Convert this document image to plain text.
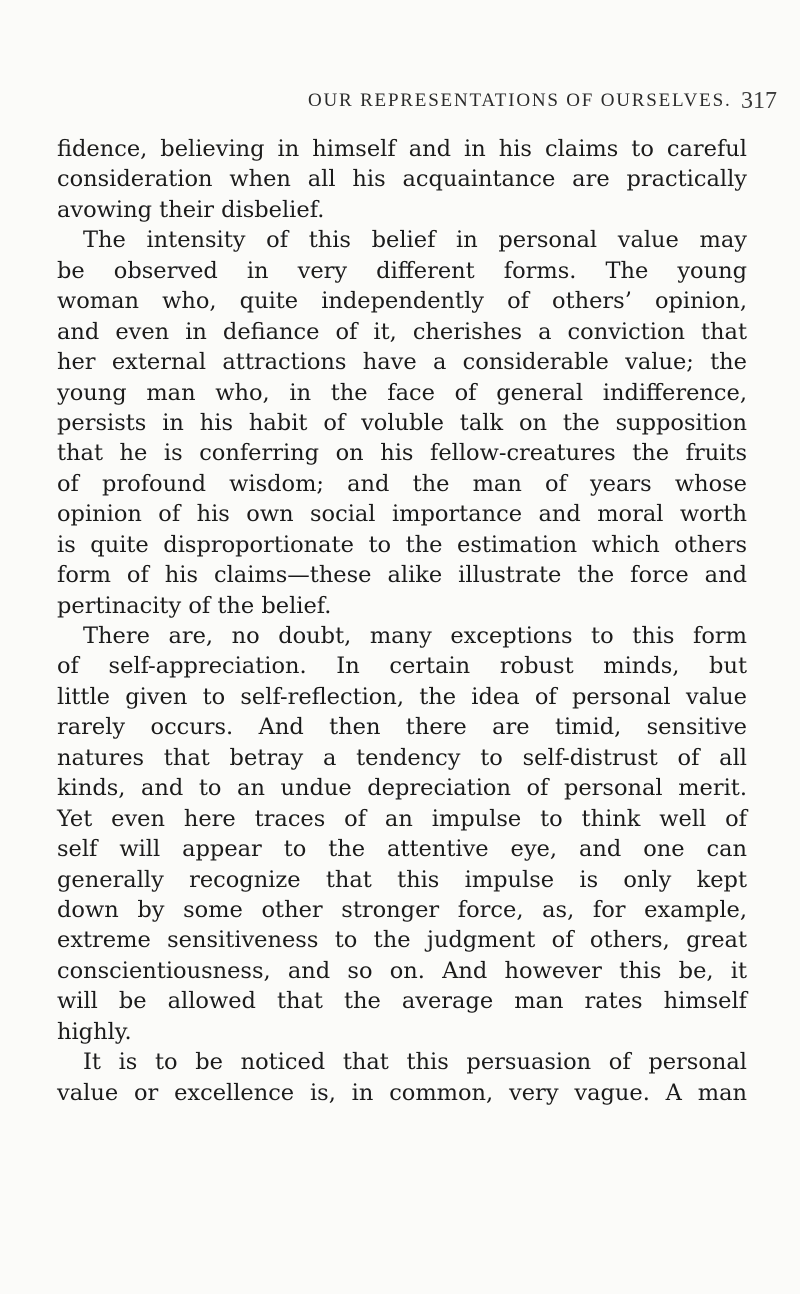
OUR REPRESENTATIONS OF OURSELVES. 317
fidence, believing in himself and in his claims to careful
consideration when all his acquaintance are practically
avowing their disbelief.
The intensity of this belief in personal value may
be observed in very different forms. The young
woman who, quite independently of others’ opinion,
and even in defiance of it, cherishes a conviction that
her external attractions have a considerable value; the
young man who, in the face of general indifference,
persists in his habit of voluble talk on the supposition
that he is conferring on his fellow-creatures the fruits
of profound wisdom; and the man of years whose
opinion of his own social importance and moral worth
is quite disproportionate to the estimation which others
form of his claims—these alike illustrate the force and
pertinacity of the belief.
There are, no doubt, many exceptions to this form
of self-appreciation. In certain robust minds, but
little given to self-reflection, the idea of personal value
rarely occurs. And then there are timid, sensitive
natures that betray a tendency to self-distrust of all
kinds, and to an undue depreciation of personal merit.
Yet even here traces of an impulse to think well of
self will appear to the attentive eye, and one can
generally recognize that this impulse is only kept
down by some other stronger force, as, for example,
extreme sensitiveness to the judgment of others, great
conscientiousness, and so on. And however this be, it
will be allowed that the average man rates himself
highly.
It is to be noticed that this persuasion of personal
value or excellence is, in common, very vague. A man
